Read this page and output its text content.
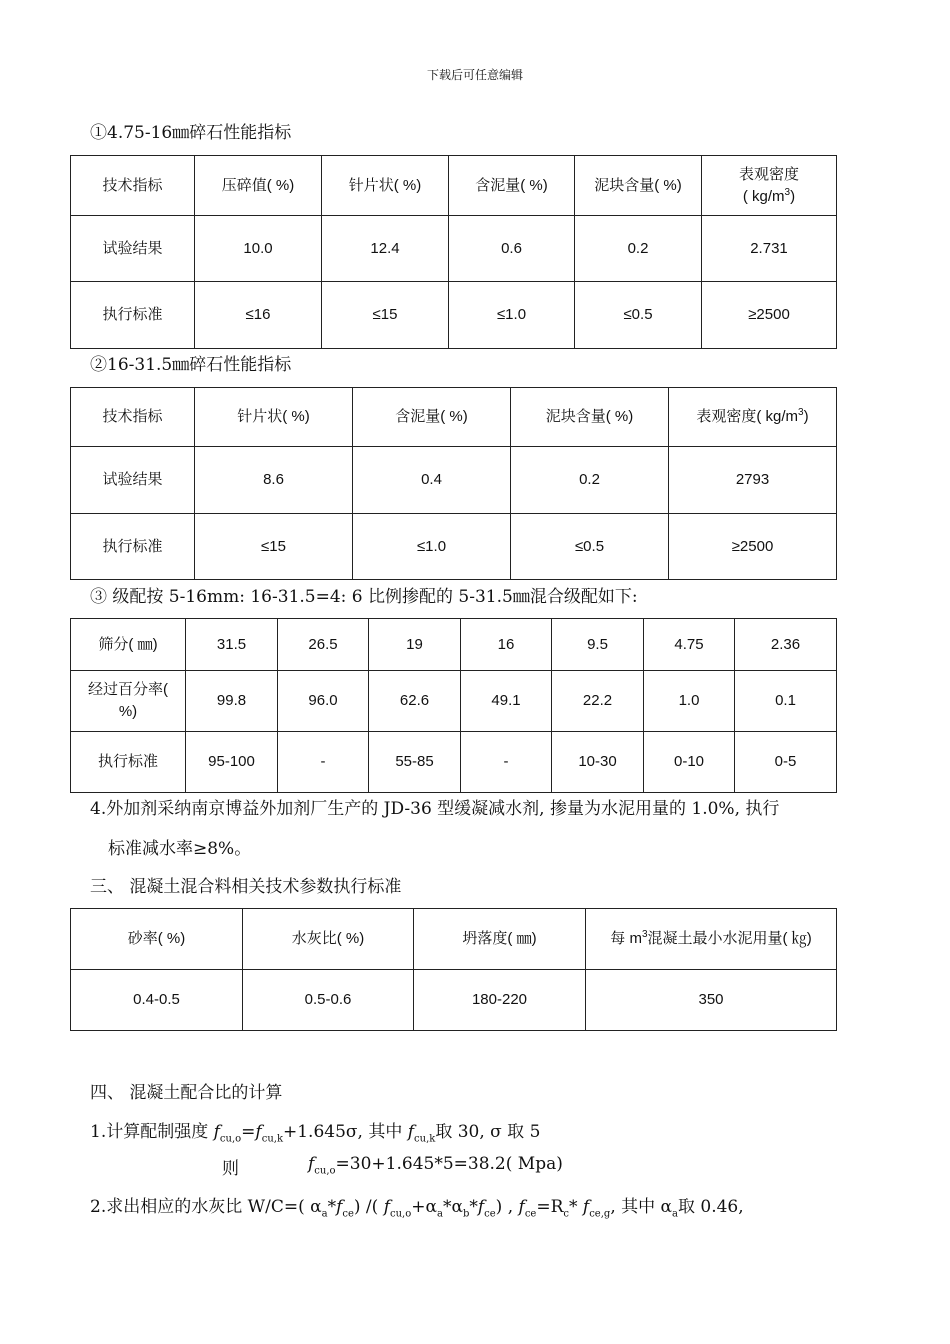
下载后可任意编辑
①4.75-16㎜碎石性能指标
技术指标	压碎值( %)	针片状( %)	含泥量( %)	泥块含量( %)	表观密度
( $kg/m^3$)
试验结果	10.0	12.4	0.6	0.2	2.731
执行标准	≤16	≤15	≤1.0	≤0.5	≥2500
②16-31.5㎜碎石性能指标
技术指标	针片状( %)	含泥量( %)	泥块含量( %)	表观密度( $kg/m^3$)
试验结果	8.6	0.4	0.2	2793
执行标准	≤15	≤1.0	≤0.5	≥2500
③ 级配按 5-16mm: 16-31.5=4: 6 比例掺配的 5-31.5㎜混合级配如下:
筛分( ㎜)	31.5	26.5	19	16	9.5	4.75	2.36
经过百分率(
%)	99.8	96.0	62.6	49.1	22.2	1.0	0.1
执行标准	95-100	-	55-85	-	10-30	0-10	0-5
4.外加剂采纳南京博益外加剂厂生产的 JD-36 型缓凝减水剂, 掺量为水泥用量的 1.0%, 执行
标准减水率≥8%。
三、 混凝土混合料相关技术参数执行标准
砂率( %)	水灰比( %)	坍落度( ㎜)	每 $m^3$混凝土最小水泥用量( ㎏)
0.4-0.5	0.5-0.6	180-220	350
四、 混凝土配合比的计算
1.计算配制强度 $f_{cu,o}=f_{cu,k}+1.645\sigma$, 其中 $f_{cu,k}$取 30, σ 取 5
则	$f_{cu,o}=30+1.645*5=38.2$( Mpa)
2.求出相应的水灰比 W/C=( $\alpha_a*f_{ce}$) /( $f_{cu,o}+\alpha_a*\alpha_b*f_{ce}$) , $f_{ce}=R_c*$ $f_{ce,g}$, 其中 $\alpha_a$取 0.46,
